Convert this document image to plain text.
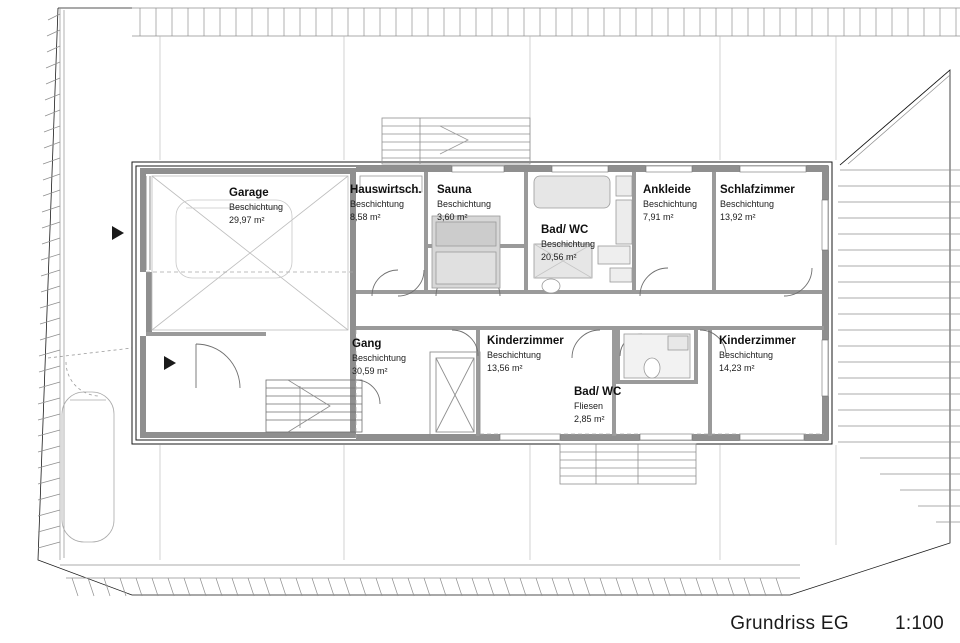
Garage
Beschichtung
29,97 m²
Hauswirtsch.
Beschichtung
8,58 m²
Sauna
Beschichtung
3,60 m²
Bad/ WC
Beschichtung
20,56 m²
Ankleide
Beschichtung
7,91 m²
Schlafzimmer
Beschichtung
13,92 m²
Gang
Beschichtung
30,59 m²
Kinderzimmer
Beschichtung
13,56 m²
Bad/ WC
Fliesen
2,85 m²
Kinderzimmer
Beschichtung
14,23 m²
Grundriss EG 1:100
